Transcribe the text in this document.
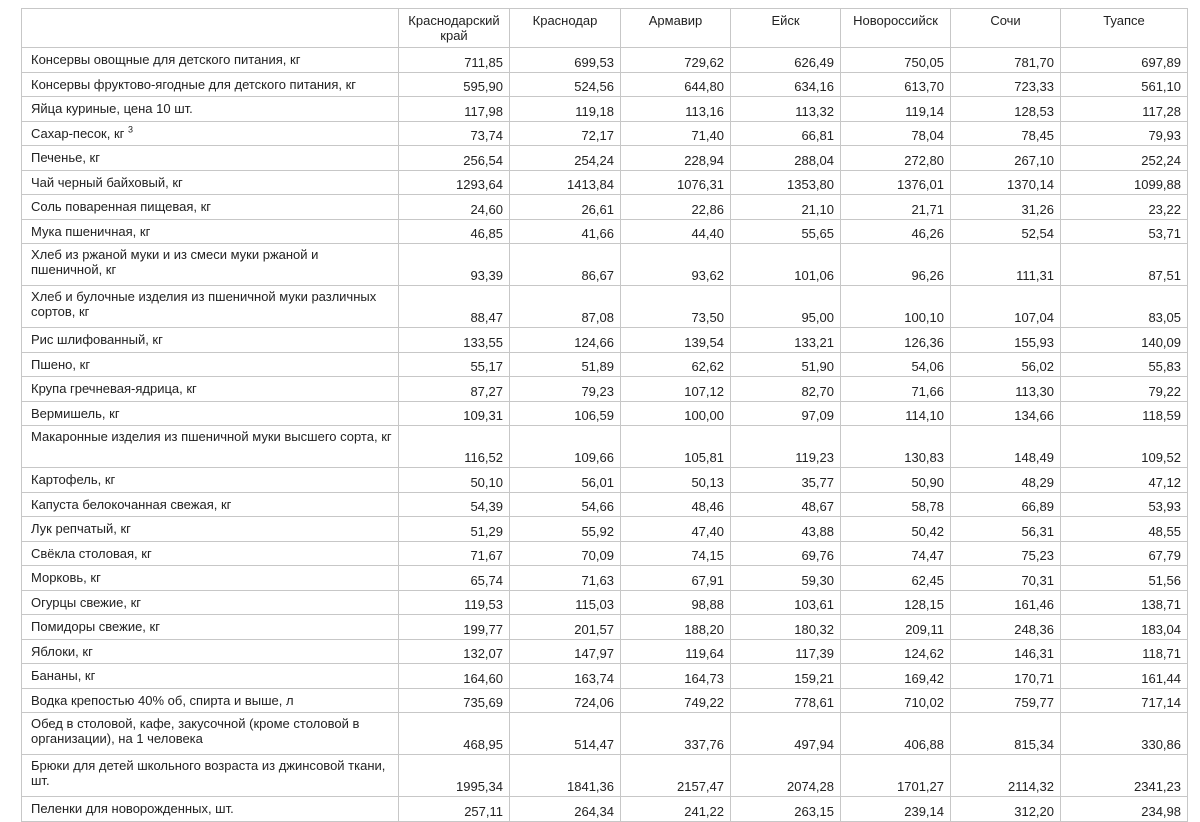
	Краснодарский край	Краснодар	Армавир	Ейск	Новороссийск	Сочи	Туапсе
Консервы овощные для детского питания, кг	711,85	699,53	729,62	626,49	750,05	781,70	697,89
Консервы фруктово-ягодные для детского питания, кг	595,90	524,56	644,80	634,16	613,70	723,33	561,10
Яйца куриные, цена 10 шт.	117,98	119,18	113,16	113,32	119,14	128,53	117,28
Сахар-песок, кг $^3$	73,74	72,17	71,40	66,81	78,04	78,45	79,93
Печенье, кг	256,54	254,24	228,94	288,04	272,80	267,10	252,24
Чай черный байховый, кг	1293,64	1413,84	1076,31	1353,80	1376,01	1370,14	1099,88
Соль поваренная пищевая, кг	24,60	26,61	22,86	21,10	21,71	31,26	23,22
Мука пшеничная, кг	46,85	41,66	44,40	55,65	46,26	52,54	53,71
Хлеб из ржаной муки и из смеси муки ржаной и пшеничной, кг	93,39	86,67	93,62	101,06	96,26	111,31	87,51
Хлеб и булочные изделия из пшеничной муки различных сортов, кг	88,47	87,08	73,50	95,00	100,10	107,04	83,05
Рис шлифованный, кг	133,55	124,66	139,54	133,21	126,36	155,93	140,09
Пшено, кг	55,17	51,89	62,62	51,90	54,06	56,02	55,83
Крупа гречневая-ядрица, кг	87,27	79,23	107,12	82,70	71,66	113,30	79,22
Вермишель, кг	109,31	106,59	100,00	97,09	114,10	134,66	118,59
Макаронные изделия из пшеничной муки высшего сорта, кг	116,52	109,66	105,81	119,23	130,83	148,49	109,52
Картофель, кг	50,10	56,01	50,13	35,77	50,90	48,29	47,12
Капуста белокочанная свежая, кг	54,39	54,66	48,46	48,67	58,78	66,89	53,93
Лук репчатый, кг	51,29	55,92	47,40	43,88	50,42	56,31	48,55
Свёкла столовая, кг	71,67	70,09	74,15	69,76	74,47	75,23	67,79
Морковь, кг	65,74	71,63	67,91	59,30	62,45	70,31	51,56
Огурцы свежие, кг	119,53	115,03	98,88	103,61	128,15	161,46	138,71
Помидоры свежие, кг	199,77	201,57	188,20	180,32	209,11	248,36	183,04
Яблоки, кг	132,07	147,97	119,64	117,39	124,62	146,31	118,71
Бананы, кг	164,60	163,74	164,73	159,21	169,42	170,71	161,44
Водка крепостью 40% об, спирта и выше, л	735,69	724,06	749,22	778,61	710,02	759,77	717,14
Обед в столовой, кафе, закусочной (кроме столовой в организации), на 1 человека	468,95	514,47	337,76	497,94	406,88	815,34	330,86
Брюки для детей школьного возраста из джинсовой ткани, шт.	1995,34	1841,36	2157,47	2074,28	1701,27	2114,32	2341,23
Пеленки для новорожденных, шт.	257,11	264,34	241,22	263,15	239,14	312,20	234,98
